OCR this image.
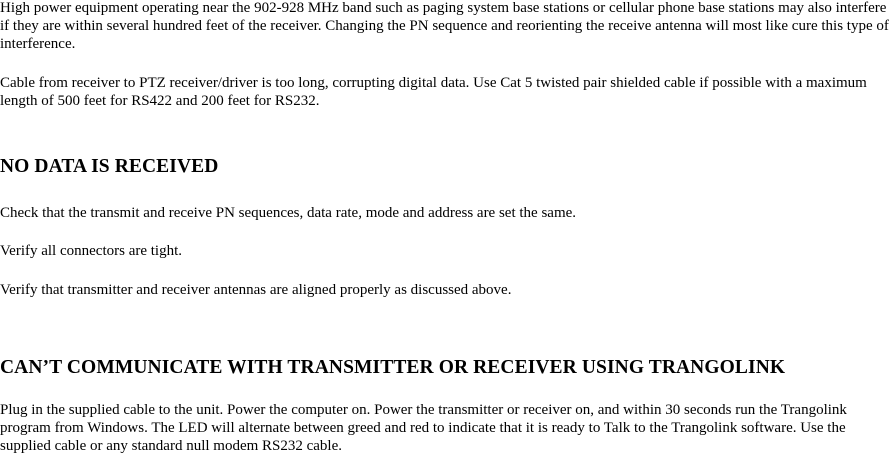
High power equipment operating near the 902-928 MHz band such as paging system base stations or cellular phone base stations may also interfere if they are within several hundred feet of the receiver. Changing the PN sequence and reorienting the receive antenna will most like cure this type of interference.

Cable from receiver to PTZ receiver/driver is too long, corrupting digital data. Use Cat 5 twisted pair shielded cable if possible with a maximum length of 500 feet for RS422 and 200 feet for RS232.

NO DATA IS RECEIVED

Check that the transmit and receive PN sequences, data rate, mode and address are set the same.

Verify all connectors are tight.

Verify that transmitter and receiver antennas are aligned properly as discussed above.

CAN’T COMMUNICATE WITH TRANSMITTER OR RECEIVER USING TRANGOLINK

Plug in the supplied cable to the unit. Power the computer on. Power the transmitter or receiver on, and within 30 seconds run the Trangolink program from Windows. The LED will alternate between greed and red to indicate that it is ready to Talk to the Trangolink software. Use the supplied cable or any standard null modem RS232 cable.
